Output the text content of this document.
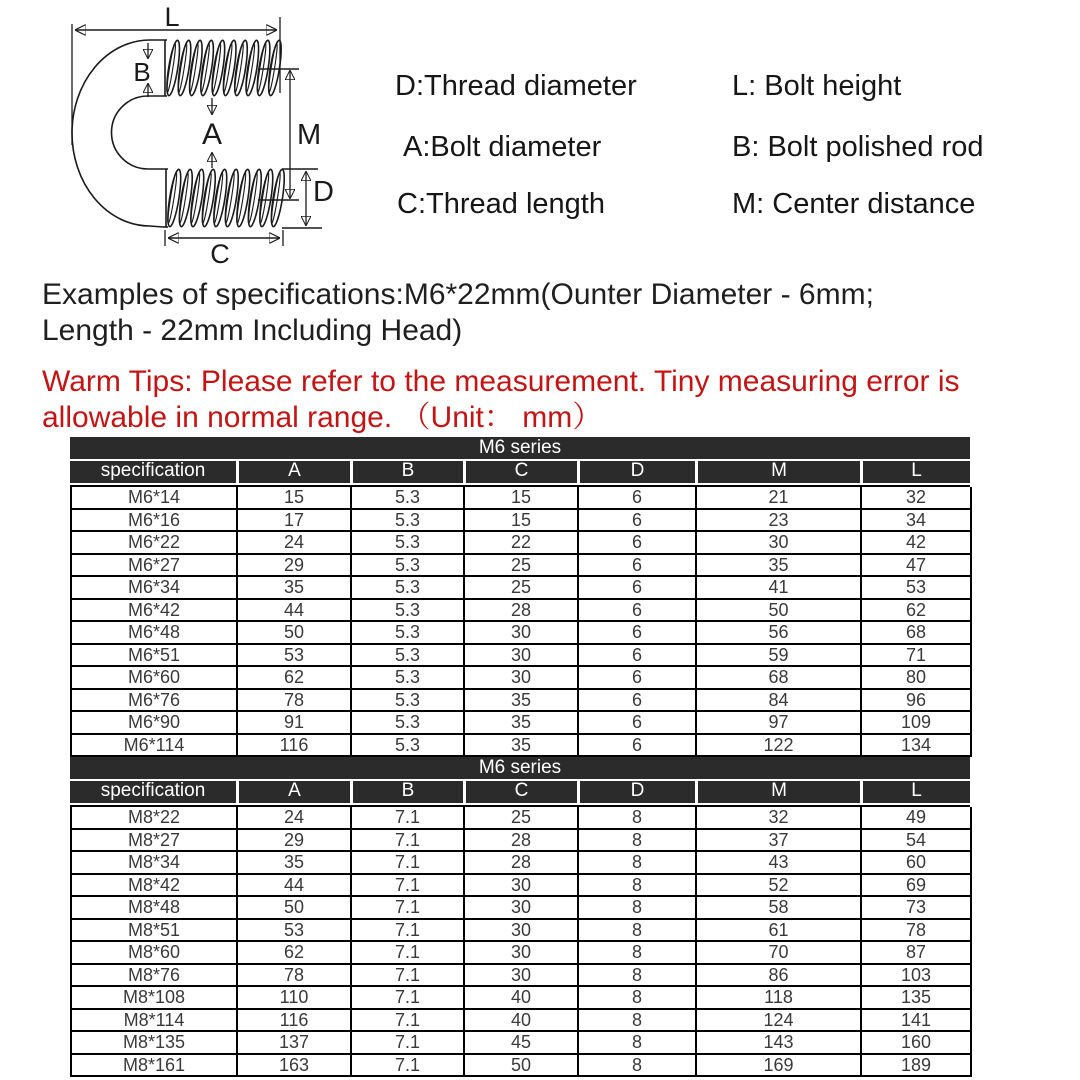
L
B
A	M
D
C
D:Thread diameter	L: Bolt height
A:Bolt diameter	B: Bolt polished rod
C:Thread length	M: Center distance
Examples of specifications:M6*22mm(Ounter Diameter - 6mm;
Length - 22mm Including Head)
Warm Tips: Please refer to the measurement. Tiny measuring error is
allowable in normal range. （Unit： mm）
M6 series
specification	A	B	C	D	M	L
M6*14	15	5.3	15	6	21	32
M6*16	17	5.3	15	6	23	34
M6*22	24	5.3	22	6	30	42
M6*27	29	5.3	25	6	35	47
M6*34	35	5.3	25	6	41	53
M6*42	44	5.3	28	6	50	62
M6*48	50	5.3	30	6	56	68
M6*51	53	5.3	30	6	59	71
M6*60	62	5.3	30	6	68	80
M6*76	78	5.3	35	6	84	96
M6*90	91	5.3	35	6	97	109
M6*114	116	5.3	35	6	122	134
M6 series
specification	A	B	C	D	M	L
M8*22	24	7.1	25	8	32	49
M8*27	29	7.1	28	8	37	54
M8*34	35	7.1	28	8	43	60
M8*42	44	7.1	30	8	52	69
M8*48	50	7.1	30	8	58	73
M8*51	53	7.1	30	8	61	78
M8*60	62	7.1	30	8	70	87
M8*76	78	7.1	30	8	86	103
M8*108	110	7.1	40	8	118	135
M8*114	116	7.1	40	8	124	141
M8*135	137	7.1	45	8	143	160
M8*161	163	7.1	50	8	169	189
